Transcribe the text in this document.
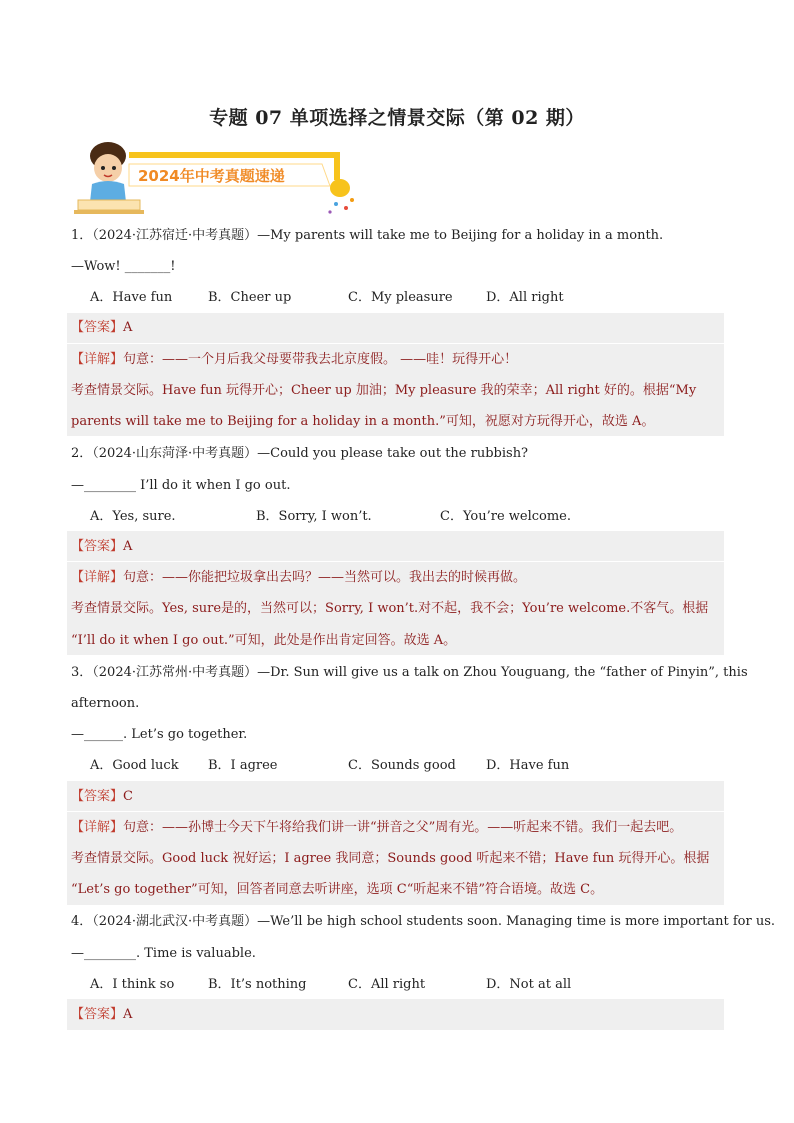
专题 07 单项选择之情景交际（第 02 期）
2024年中考真题速递
1．（2024·江苏宿迁·中考真题）—My parents will take me to Beijing for a holiday in a month.
—Wow! _______!
A．Have fun	B．Cheer up	C．My pleasure	D．All right
【答案】A
【详解】句意：——一个月后我父母要带我去北京度假。 ——哇！玩得开心！
考查情景交际。Have fun 玩得开心；Cheer up 加油；My pleasure 我的荣幸；All right 好的。根据“My
parents will take me to Beijing for a holiday in a month.”可知，祝愿对方玩得开心，故选 A。
2．（2024·山东菏泽·中考真题）—Could you please take out the rubbish?
—________ I’ll do it when I go out.
A．Yes, sure.	B．Sorry, I won’t.	C．You’re welcome.
【答案】A
【详解】句意：——你能把垃圾拿出去吗？——当然可以。我出去的时候再做。
考查情景交际。Yes, sure是的，当然可以；Sorry, I won’t.对不起，我不会；You’re welcome.不客气。根据
“I’ll do it when I go out.”可知，此处是作出肯定回答。故选 A。
3．（2024·江苏常州·中考真题）—Dr. Sun will give us a talk on Zhou Youguang, the “father of Pinyin”, this
afternoon.
—______. Let’s go together.
A．Good luck B．I agree	C．Sounds good D．Have fun
【答案】C
【详解】句意：——孙博士今天下午将给我们讲一讲“拼音之父”周有光。——听起来不错。我们一起去吧。
考查情景交际。Good luck 祝好运；I agree 我同意；Sounds good 听起来不错；Have fun 玩得开心。根据
“Let’s go together”可知，回答者同意去听讲座，选项 C“听起来不错”符合语境。故选 C。
4．（2024·湖北武汉·中考真题）—We’ll be high school students soon. Managing time is more important for us.
—________. Time is valuable.
A．I think so	B．It’s nothing	C．All right	D．Not at all
【答案】A
